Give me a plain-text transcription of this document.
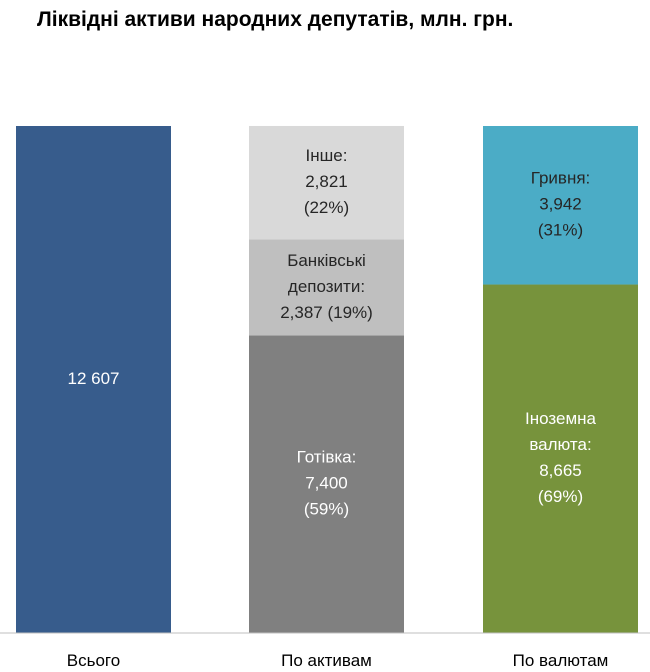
Ліквідні активи народних депутатів, млн. грн.
12 607
Готівка:
7,400
(59%)
Банківські
депозити:
2,387 (19%)
Інше:
2,821
(22%)
Іноземна
валюта:
8,665
(69%)
Гривня:
3,942
(31%)
Всього	По активам	По валютам
